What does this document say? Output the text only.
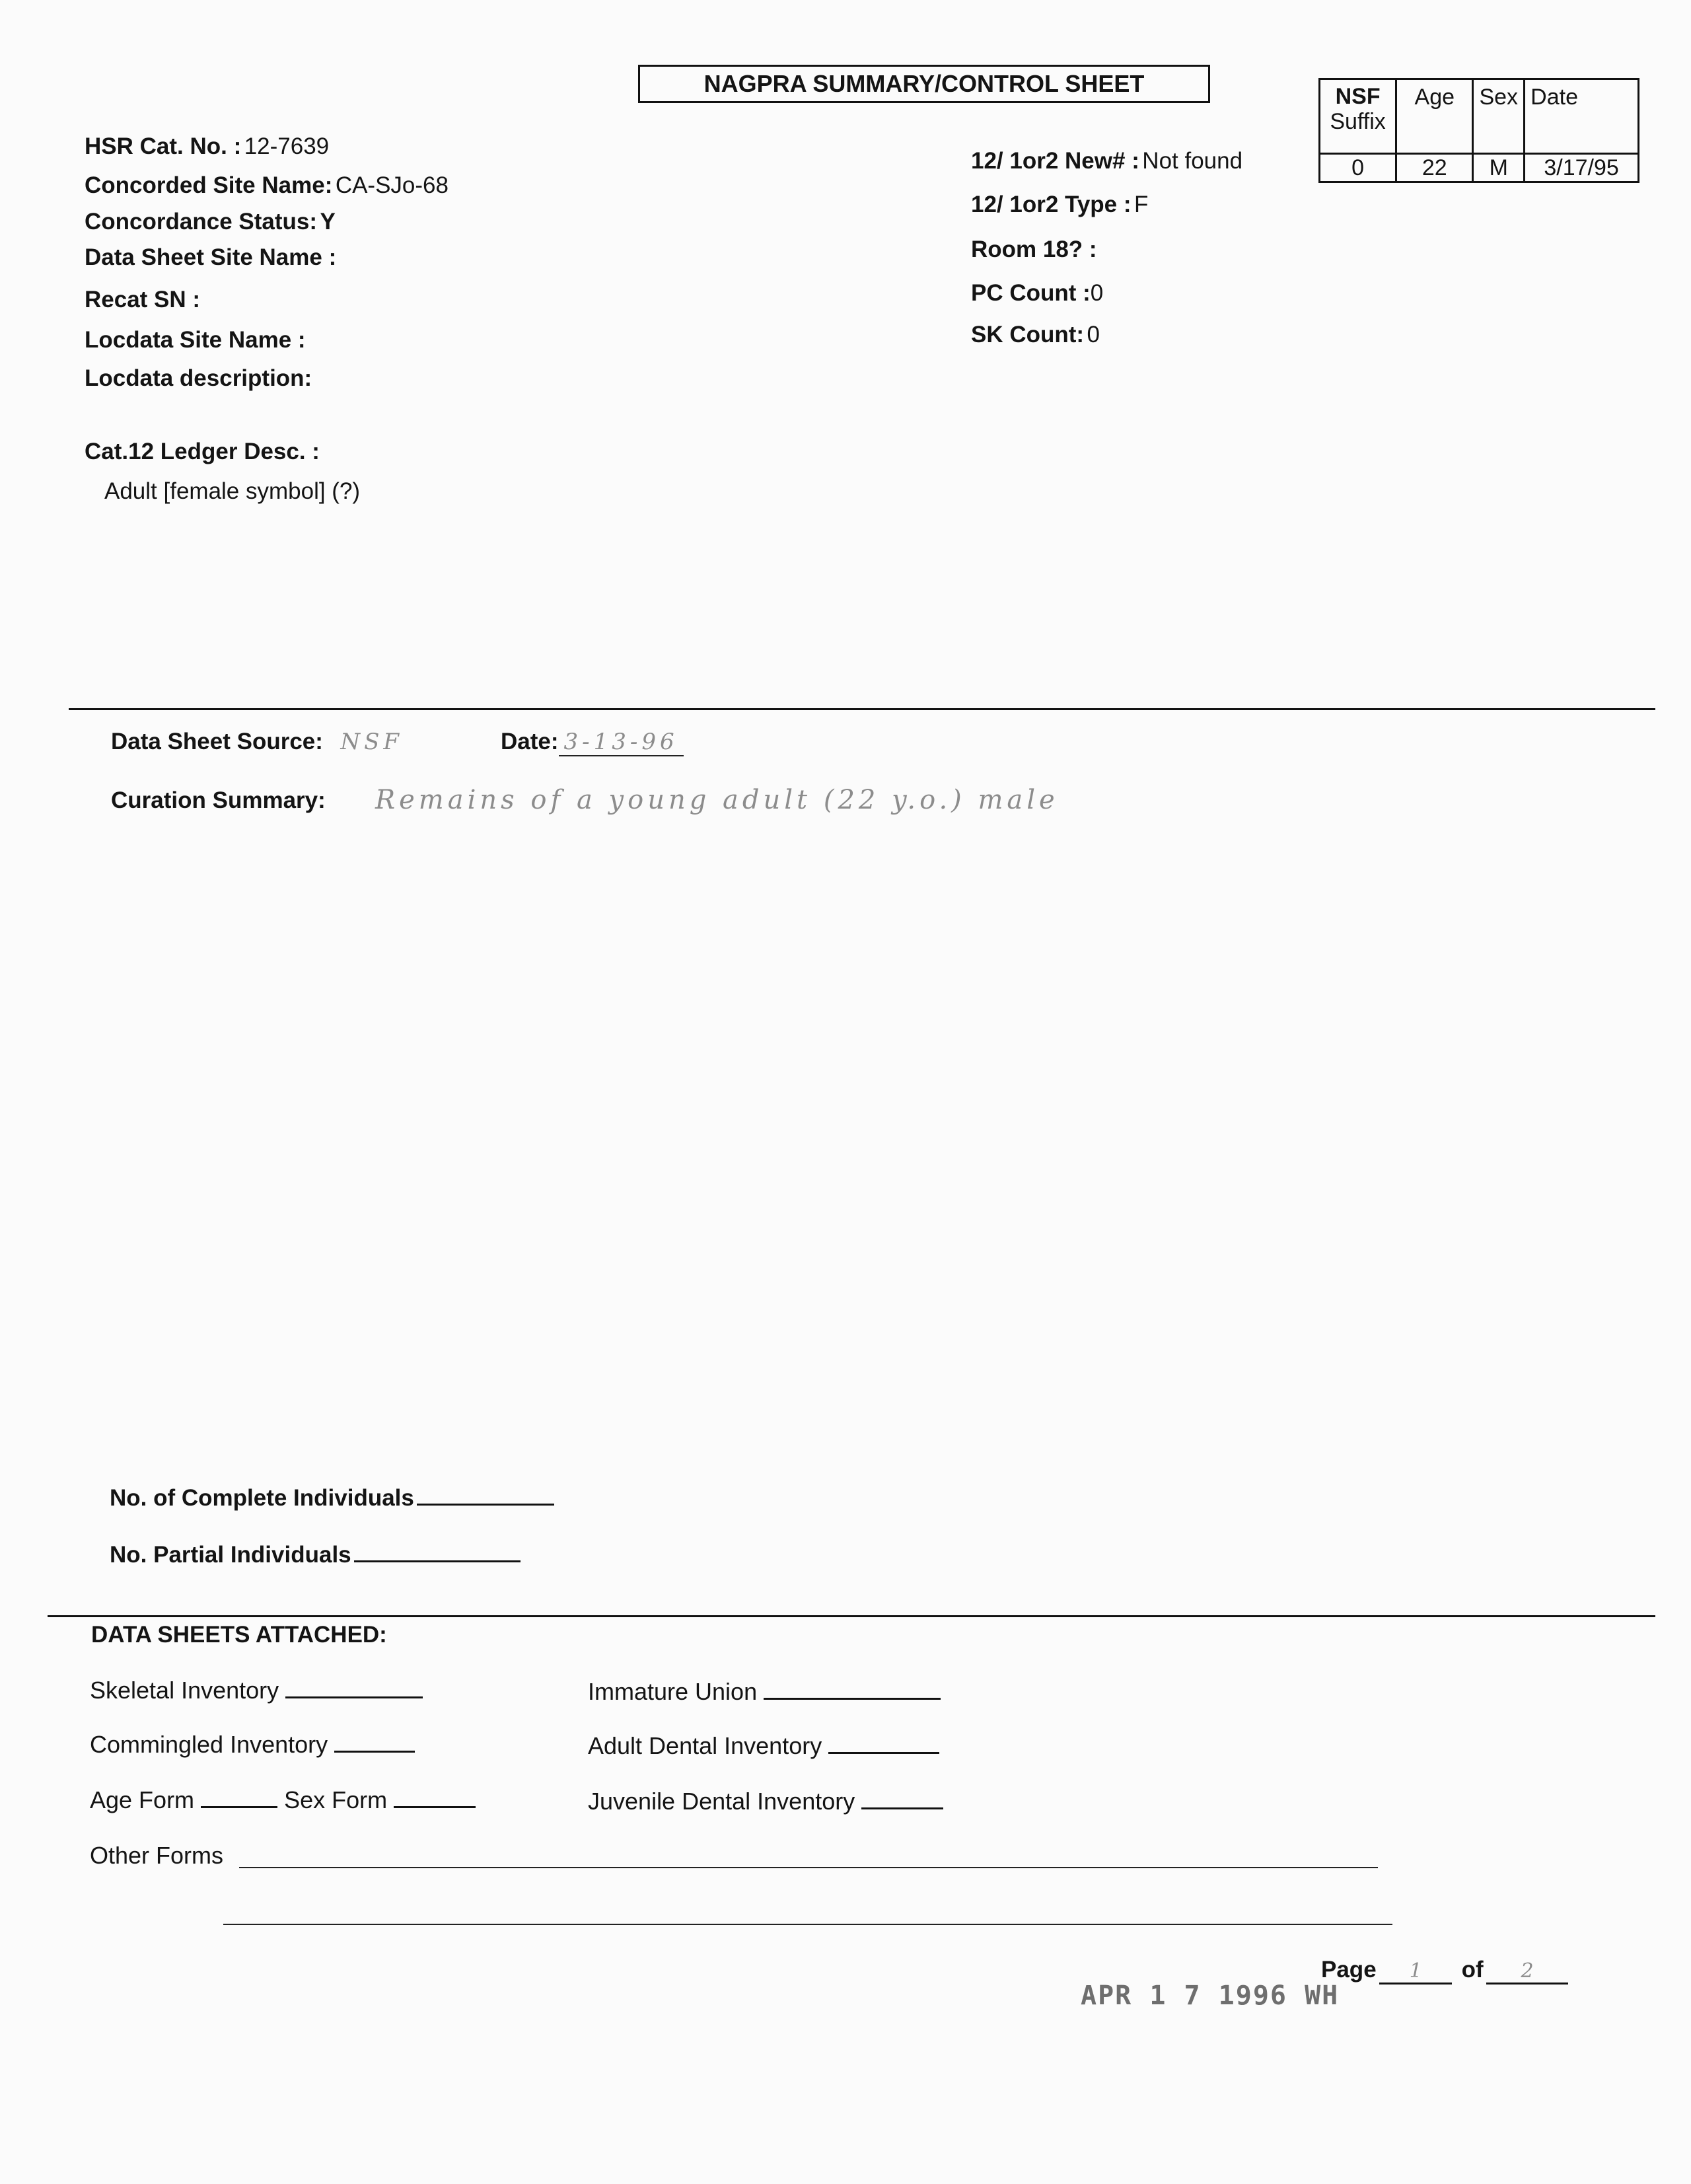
NAGPRA SUMMARY/CONTROL SHEET	NSF
Suffix	Age	Sex	Date
0	22	M	3/17/95
HSR Cat. No. : 12-7639
Concorded Site Name: CA-SJo-68
Concordance Status: Y
Data Sheet Site Name :
Recat SN :
Locdata Site Name :
Locdata description:
Cat.12 Ledger Desc. :
Adult [female symbol] (?)
12/ 1or2 New# : Not found
12/ 1or2 Type : F
Room 18? :
PC Count :0
SK Count: 0
Data Sheet Source: NSF	Date: 3-13-96
Curation Summary: Remains of a young adult (22 y.o.) male
No. of Complete Individuals
No. Partial Individuals
DATA SHEETS ATTACHED:
Skeletal Inventory
Commingled Inventory
Age Form	Sex Form
Other Forms
Immature Union
Adult Dental Inventory
Juvenile Dental Inventory
Page 1 of 2
APR 1 7 1996 WH
